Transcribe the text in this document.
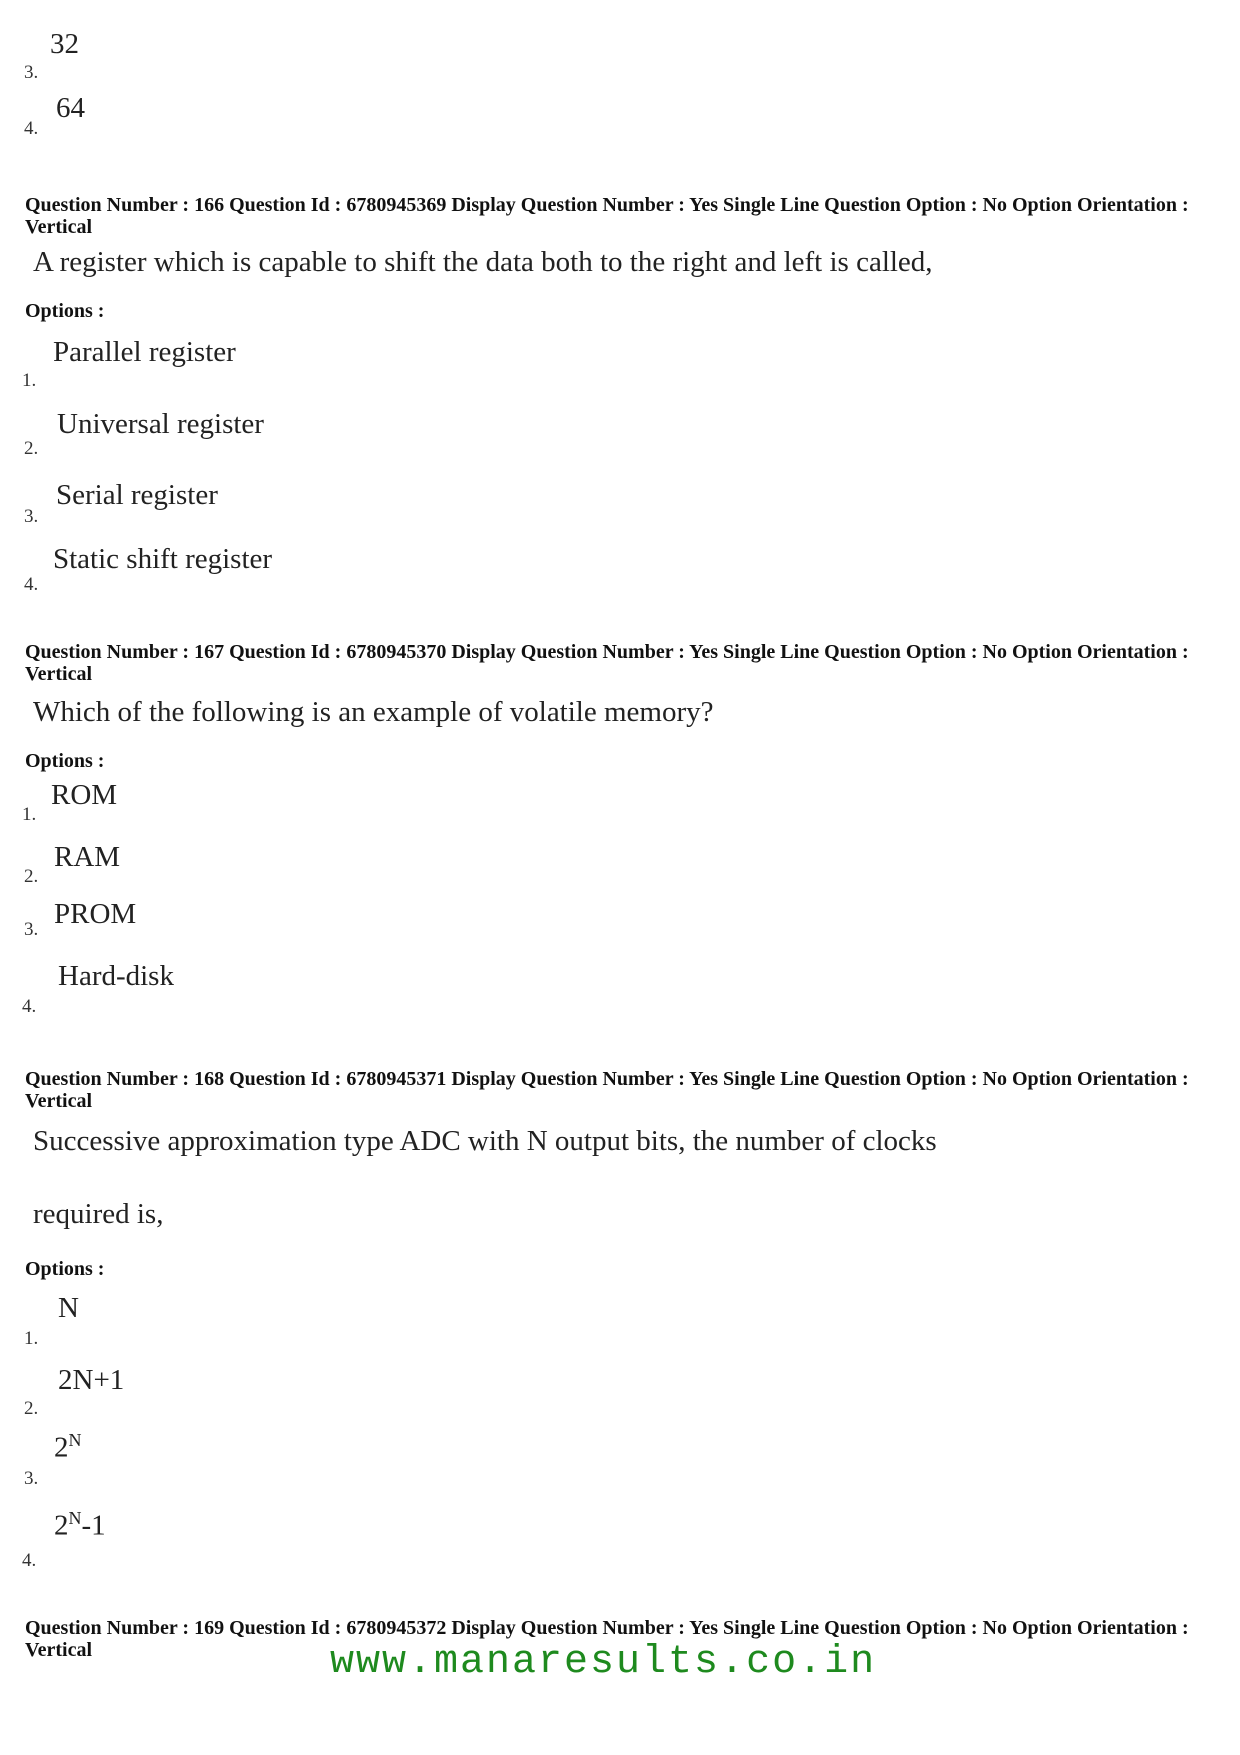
32
3.
64
4.
Question Number : 166 Question Id : 6780945369 Display Question Number : Yes Single Line Question Option : No Option Orientation : Vertical
A register which is capable to shift the data both to the right and left is called,
Options :
Parallel register
1.
Universal register
2.
Serial register
3.
Static shift register
4.
Question Number : 167 Question Id : 6780945370 Display Question Number : Yes Single Line Question Option : No Option Orientation : Vertical
Which of the following is an example of volatile memory?
Options :
ROM
1.
RAM
2.
PROM
3.
Hard-disk
4.
Question Number : 168 Question Id : 6780945371 Display Question Number : Yes Single Line Question Option : No Option Orientation : Vertical
Successive approximation type ADC with N output bits, the number of clocks
required is,
Options :
N
1.
2N+1
2.
$2^N$
3.
$2^N-1$
4.
Question Number : 169 Question Id : 6780945372 Display Question Number : Yes Single Line Question Option : No Option Orientation : Vertical	www.manaresults.co.in
